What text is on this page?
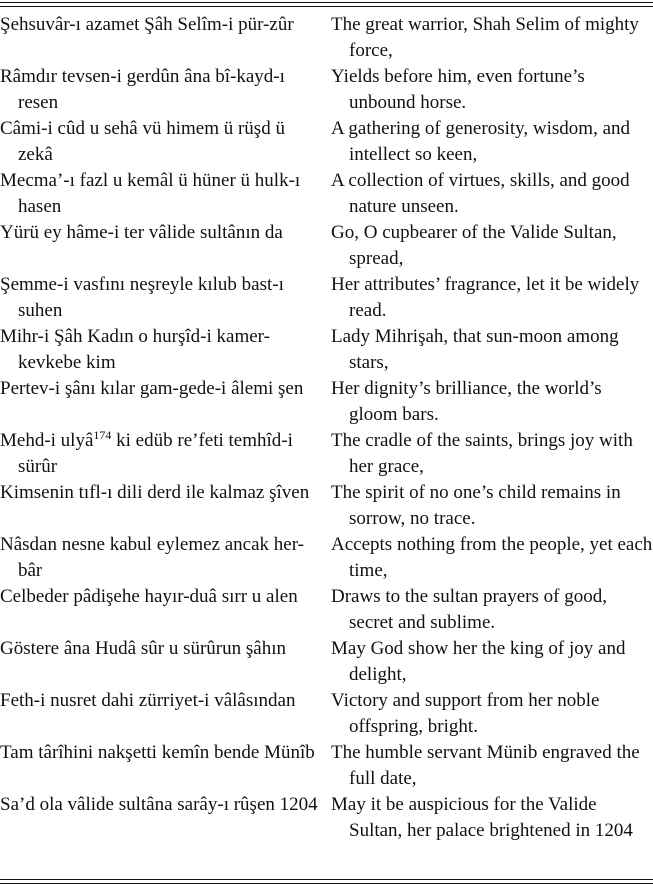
Şehsuvâr-ı azamet Şâh Selîm-i pür-zûr	The great warrior, Shah Selim of mighty force,

Râmdır tevsen-i gerdûn âna bî-kayd-ı resen	Yields before him, even fortune’s unbound horse.

Câmi-i cûd u sehâ vü himem ü rüşd ü zekâ	A gathering of generosity, wisdom, and intellect so keen,

Mecma’-ı fazl u kemâl ü hüner ü hulk-ı hasen	A collection of virtues, skills, and good nature unseen.

Yürü ey hâme-i ter vâlide sultânın da	Go, O cupbearer of the Valide Sultan, spread,

Şemme-i vasfını neşreyle kılub bast-ı suhen	Her attributes’ fragrance, let it be widely read.

Mihr-i Şâh Kadın o hurşîd-i kamer-kevkebe kim	Lady Mihrişah, that sun-moon among stars,

Pertev-i şânı kılar gam-gede-i âlemi şen	Her dignity’s brilliance, the world’s gloom bars.

Mehd-i ulyâ$^{174}$ ki edüb re’feti temhîd-i sürûr	The cradle of the saints, brings joy with her grace,

Kimsenin tıfl-ı dili derd ile kalmaz şîven	The spirit of no one’s child remains in sorrow, no trace.

Nâsdan nesne kabul eylemez ancak her-bâr	Accepts nothing from the people, yet each time,

Celbeder pâdişehe hayır-duâ sırr u alen	Draws to the sultan prayers of good, secret and sublime.

Göstere âna Hudâ sûr u sürûrun şâhın	May God show her the king of joy and delight,

Feth-i nusret dahi zürriyet-i vâlâsından	Victory and support from her noble offspring, bright.

Tam târîhini nakşetti kemîn bende Münîb	The humble servant Münib engraved the full date,

Sa’d ola vâlide sultâna sarây-ı rûşen 1204	May it be auspicious for the Valide Sultan, her palace brightened in 1204
